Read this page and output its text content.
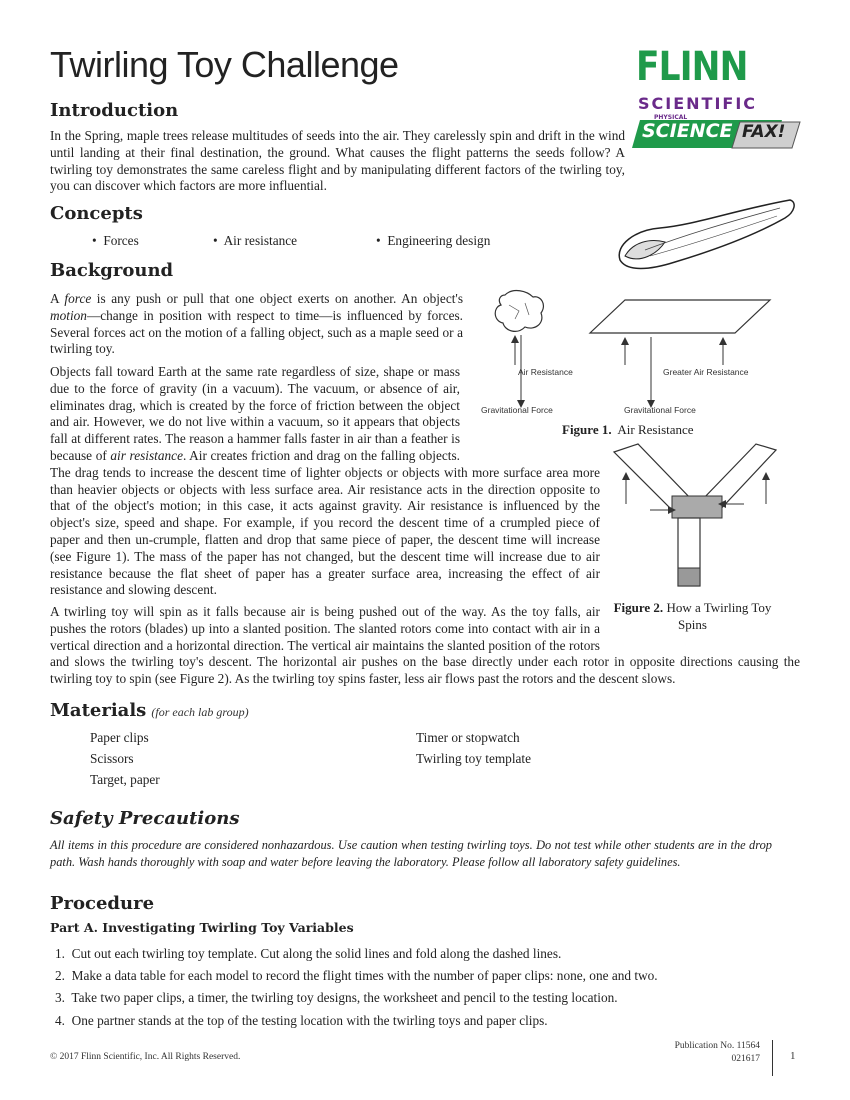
Twirling Toy Challenge	FLINN
SCIENTIFIC
PHYSICAL
SCIENCE FAX!
Introduction
In the Spring, maple trees release multitudes of seeds into the air. They carelessly spin and drift in the wind until landing at their final destination, the ground. What causes the flight patterns the seeds follow? A twirling toy demonstrates the same careless flight and by manipulating different factors of the twirling toy, you can discover which factors are more influential.
Concepts
•  Forces	•  Air resistance	•  Engineering design
Background
A force is any push or pull that one object exerts on another. An object's motion—change in position with respect to time—is influenced by forces. Several forces act on the motion of a falling object, such as a maple seed or a twirling toy.
Objects fall toward Earth at the same rate regardless of size, shape or mass due to the force of gravity (in a vacuum). The vacuum, or absence of air, eliminates drag, which is created by the force of friction between the object and air. However, we do not live within a vacuum, so it appears that objects fall at different rates. The reason a hammer falls faster in air than a feather is because of air resistance. Air creates friction and drag on the falling objects. The drag tends to increase the descent time of lighter objects or objects with more surface area more than heavier objects or objects with less surface area. Air resistance acts in the direction opposite to that of the object's motion; in this case, it acts against gravity. Air resistance is influenced by the object's size, speed and shape. For example, if you record the descent time of a crumpled piece of paper and then un-crumple, flatten and drop that same piece of paper, the descent time will increase (see Figure 1). The mass of the paper has not changed, but the descent time will increase due to air resistance because the flat sheet of paper has a greater surface area, increasing the effect of air resistance and slowing descent.
A twirling toy will spin as it falls because air is being pushed out of the way. As the toy falls, air pushes the rotors (blades) up into a slanted position. The slanted rotors come into contact with air in a vertical direction and a horizontal direction. The vertical air maintains the slanted position of the rotors and slows the twirling toy's descent. The horizontal air pushes on the base directly under each rotor in opposite directions causing the twirling toy to spin (see Figure 2). As the twirling toy spins faster, less air flows past the rotors and the descent slows.
Air Resistance	Greater Air Resistance
Gravitational Force	Gravitational Force
Figure 1. Air Resistance
Figure 2. How a Twirling Toy Spins
Materials (for each lab group)
Paper clips
Scissors
Target, paper
Timer or stopwatch
Twirling toy template
Safety Precautions
All items in this procedure are considered nonhazardous. Use caution when testing twirling toys. Do not test while other students are in the drop path. Wash hands thoroughly with soap and water before leaving the laboratory. Please follow all laboratory safety guidelines.
Procedure
Part A. Investigating Twirling Toy Variables
1. Cut out each twirling toy template. Cut along the solid lines and fold along the dashed lines.
2. Make a data table for each model to record the flight times with the number of paper clips: none, one and two.
3. Take two paper clips, a timer, the twirling toy designs, the worksheet and pencil to the testing location.
4. One partner stands at the top of the testing location with the twirling toys and paper clips.
© 2017 Flinn Scientific, Inc. All Rights Reserved.
Publication No. 11564
021617	1
